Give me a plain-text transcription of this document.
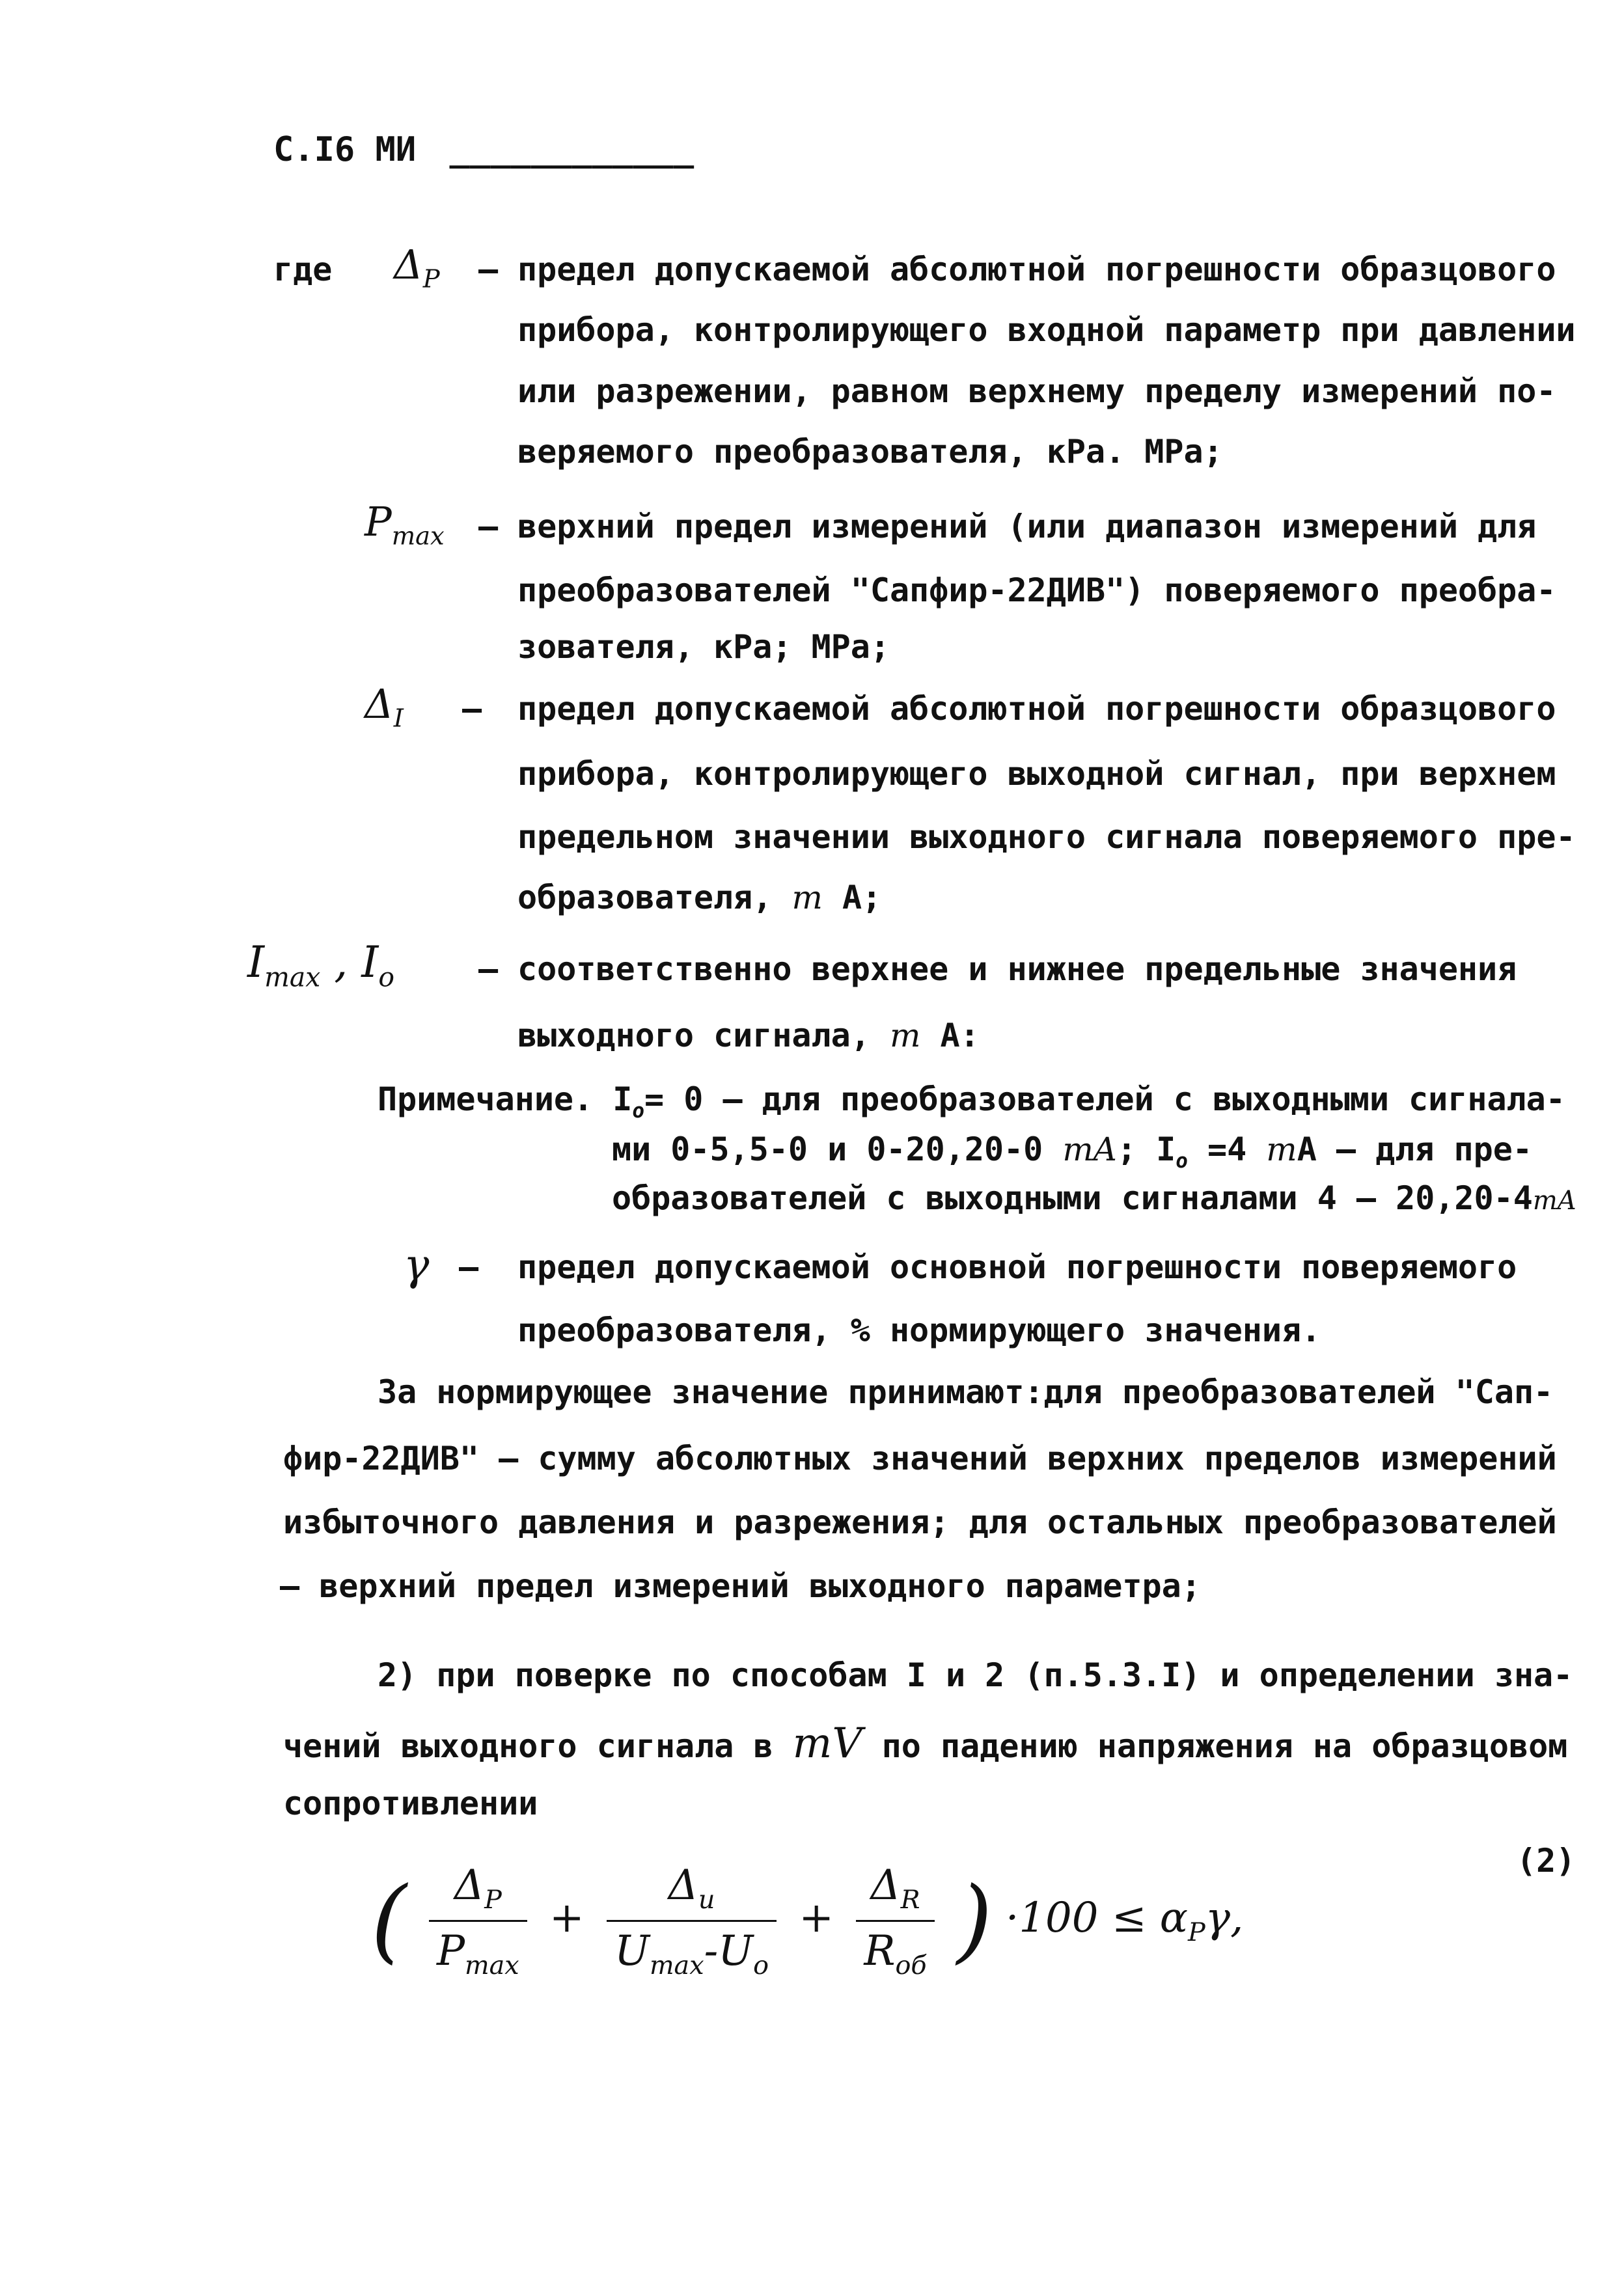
С.I6 МИ ____________
где $\Delta_P$ – предел допускаемой абсолютной погрешности образцового
прибора, контролирующего входной параметр при давлении
или разрежении, равном верхнему пределу измерений по-
веряемого преобразователя, кРа. МРа;
$P_{max}$ – верхний предел измерений (или диапазон измерений для
преобразователей "Сапфир-22ДИВ") поверяемого преобра-
зователя, кРа; МРа;
$\Delta_I$ – предел допускаемой абсолютной погрешности образцового
прибора, контролирующего выходной сигнал, при верхнем
предельном значении выходного сигнала поверяемого пре-
образователя, m А;
$I_{max}$ , $I_o$	– соответственно верхнее и нижнее предельные значения
выходного сигнала, m А:
Примечание. $I_o= 0$ – для преобразователей с выходными сигнала-
ми 0-5,5-0 и 0-20,20-0 mA; $I_o =4$ mА – для пре-
образователей с выходными сигналами 4 – 20,20-4mA
γ – предел допускаемой основной погрешности поверяемого
преобразователя, % нормирующего значения.
За нормирующее значение принимают:для преобразователей "Сап-
фир-22ДИВ" – сумму абсолютных значений верхних пределов измерений
избыточного давления и разрежения; для остальных преобразователей
– верхний предел измерений выходного параметра;
2) при поверке по способам I и 2 (п.5.3.I) и определении зна-
чений выходного сигнала в mV по падению напряжения на образцовом
сопротивлении
(2)
( $\frac{\Delta_P}{P_{max}} + \frac{\Delta_u}{U_{max}-U_o} + \frac{\Delta_R}{R_{об}}$ ) $\cdot 100 \le \alpha_P\gamma$,
